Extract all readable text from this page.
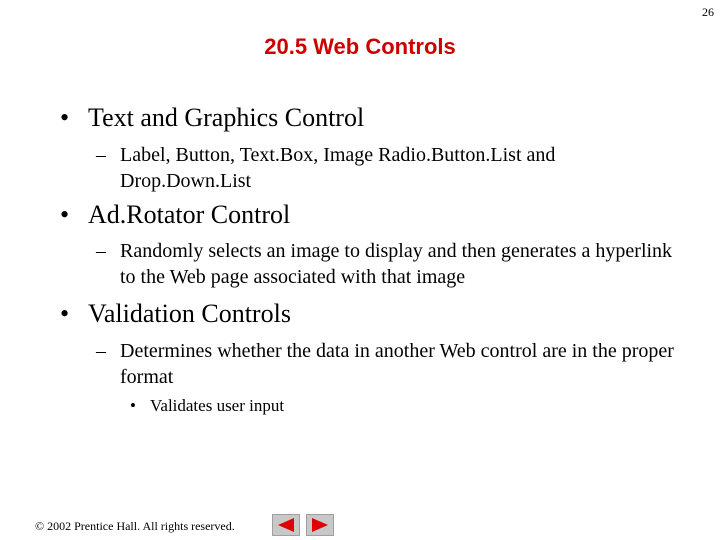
26
20.5 Web Controls
• Text and Graphics Control
– Label, Button, Text.Box, Image Radio.Button.List and Drop.Down.List
• Ad.Rotator Control
– Randomly selects an image to display and then generates a hyperlink to the Web page associated with that image
• Validation Controls
– Determines whether the data in another Web control are in the proper format
• Validates user input
© 2002 Prentice Hall. All rights reserved.
